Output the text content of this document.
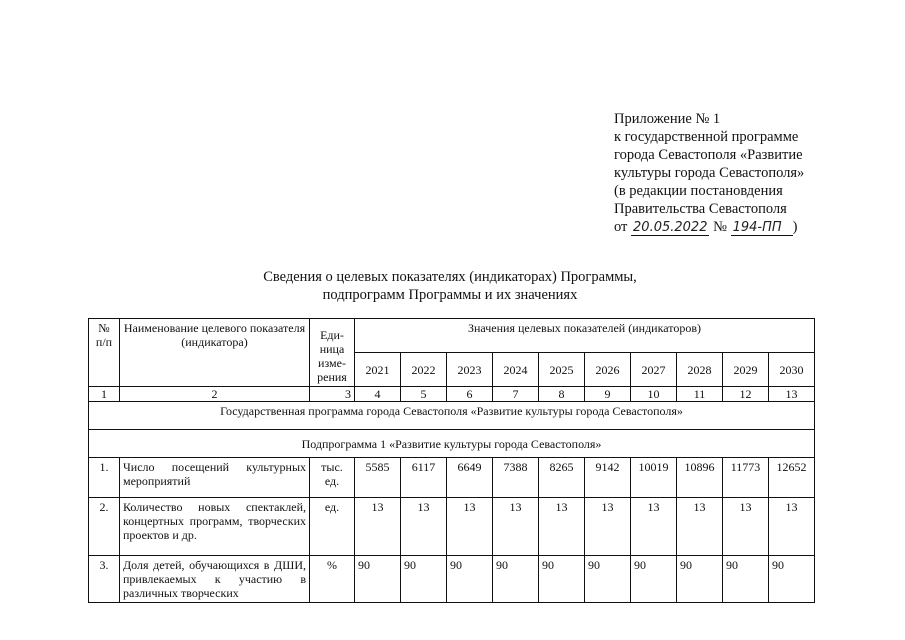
Приложение № 1
к государственной программе
города Севастополя «Развитие
культуры города Севастополя»
(в редакции постановдения
Правительства Севастополя
от 20.05.2022 № 194-ПП )
Сведения о целевых показателях (индикаторах) Программы,
подпрограмм Программы и их значениях
№ п/п	Наименование целевого показателя (индикатора)	Еди-ница изме-рения	Значения целевых показателей (индикаторов)									
			2021	2022	2023	2024	2025	2026	2027	2028	2029	2030
1	2	3	4	5	6	7	8	9	10	11	12	13
Государственная программа города Севастополя «Развитие культуры города Севастополя»												
Подпрограмма 1 «Развитие культуры города Севастополя»												
1.	Число посещений культурных мероприятий	тыс. ед.	5585	6117	6649	7388	8265	9142	10019	10896	11773	12652
2.	Количество новых спектаклей, концертных программ, творческих проектов и др.	ед.	13	13	13	13	13	13	13	13	13	13
3.	Доля детей, обучающихся в ДШИ, привлекаемых к участию в различных творческих	%	90	90	90	90	90	90	90	90	90	90
